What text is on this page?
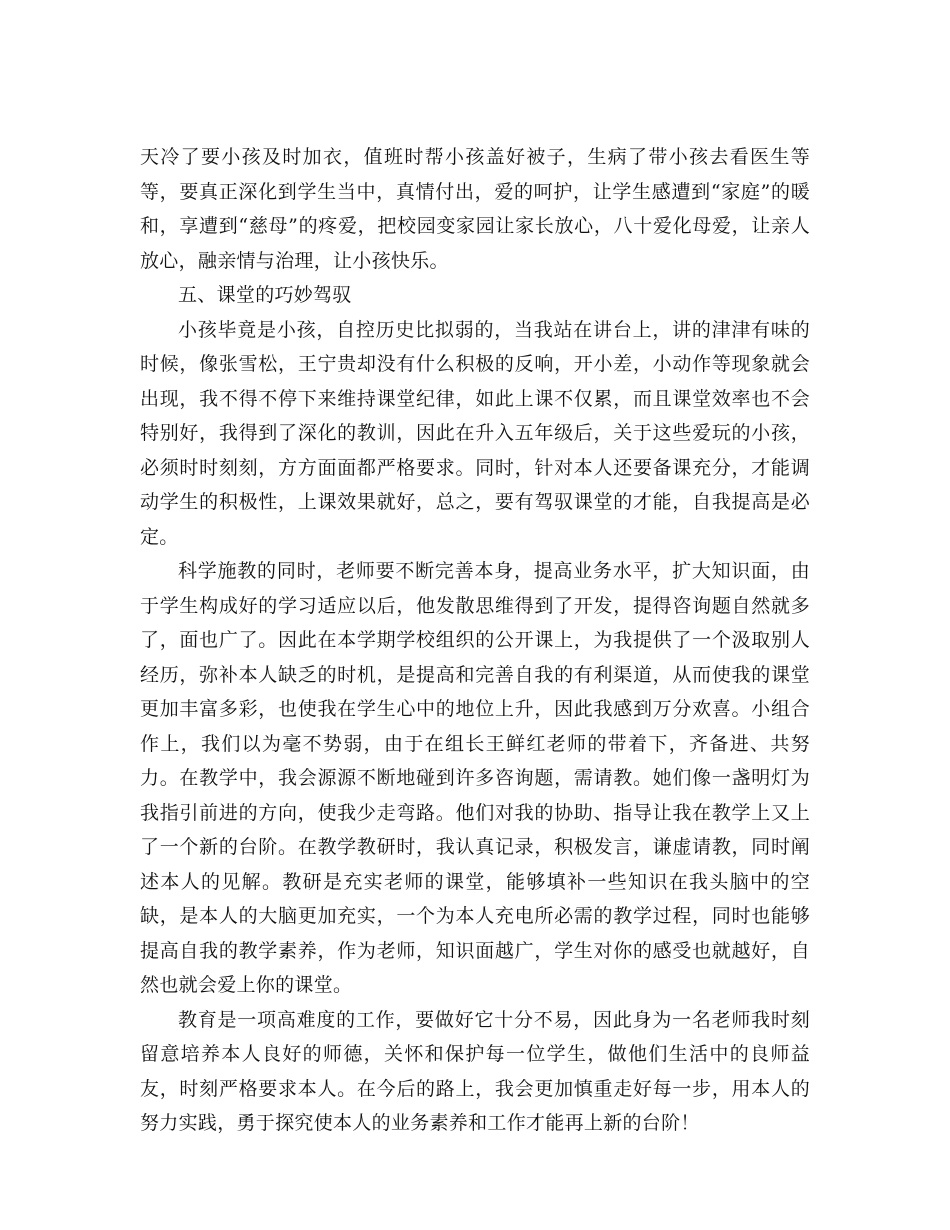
天冷了要小孩及时加衣，值班时帮小孩盖好被子，生病了带小孩去看医生等等，要真正深化到学生当中，真情付出，爱的呵护，让学生感遭到“家庭”的暖和，享遭到“慈母”的疼爱，把校园变家园让家长放心，八十爱化母爱，让亲人放心，融亲情与治理，让小孩快乐。

五、课堂的巧妙驾驭

小孩毕竟是小孩，自控历史比拟弱的，当我站在讲台上，讲的津津有味的时候，像张雪松，王宁贵却没有什么积极的反响，开小差，小动作等现象就会出现，我不得不停下来维持课堂纪律，如此上课不仅累，而且课堂效率也不会特别好，我得到了深化的教训，因此在升入五年级后，关于这些爱玩的小孩，必须时时刻刻，方方面面都严格要求。同时，针对本人还要备课充分，才能调动学生的积极性，上课效果就好，总之，要有驾驭课堂的才能，自我提高是必定。

科学施教的同时，老师要不断完善本身，提高业务水平，扩大知识面，由于学生构成好的学习适应以后，他发散思维得到了开发，提得咨询题自然就多了，面也广了。因此在本学期学校组织的公开课上，为我提供了一个汲取别人经历，弥补本人缺乏的时机，是提高和完善自我的有利渠道，从而使我的课堂更加丰富多彩，也使我在学生心中的地位上升，因此我感到万分欢喜。小组合作上，我们以为毫不势弱，由于在组长王鲜红老师的带着下，齐备进、共努力。在教学中，我会源源不断地碰到许多咨询题，需请教。她们像一盏明灯为我指引前进的方向，使我少走弯路。他们对我的协助、指导让我在教学上又上了一个新的台阶。在教学教研时，我认真记录，积极发言，谦虚请教，同时阐述本人的见解。教研是充实老师的课堂，能够填补一些知识在我头脑中的空缺，是本人的大脑更加充实，一个为本人充电所必需的教学过程，同时也能够提高自我的教学素养，作为老师，知识面越广，学生对你的感受也就越好，自然也就会爱上你的课堂。

教育是一项高难度的工作，要做好它十分不易，因此身为一名老师我时刻留意培养本人良好的师德，关怀和保护每一位学生，做他们生活中的良师益友，时刻严格要求本人。在今后的路上，我会更加慎重走好每一步，用本人的努力实践，勇于探究使本人的业务素养和工作才能再上新的台阶！
